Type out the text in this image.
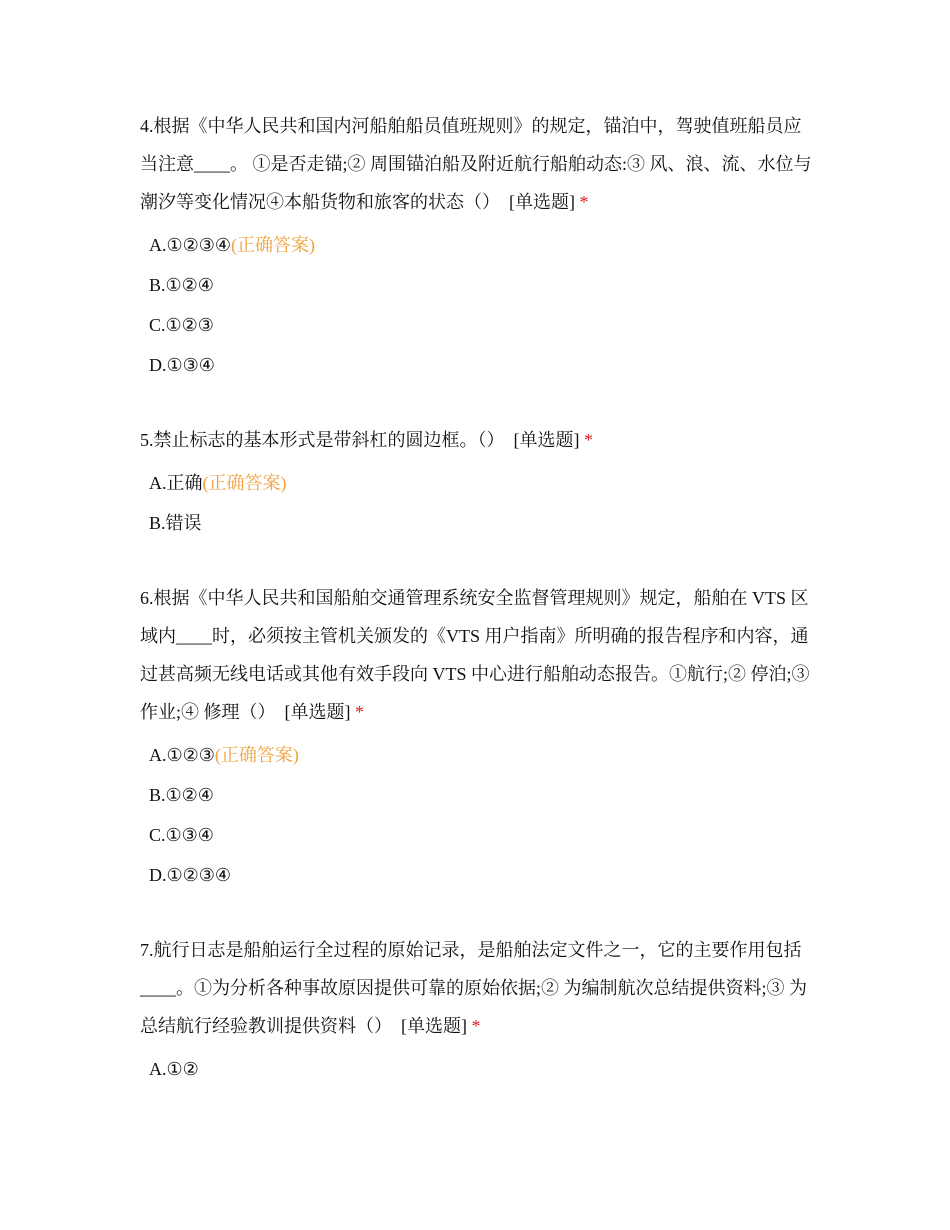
4.根据《中华人民共和国内河船舶船员值班规则》的规定，锚泊中，驾驶值班船员应当注意____。 ①是否走锚;② 周围锚泊船及附近航行船舶动态:③ 风、浪、流、水位与潮汐等变化情况④本船货物和旅客的状态（）  [单选题] *

A.①②③④(正确答案)
B.①②④
C.①②③
D.①③④

5.禁止标志的基本形式是带斜杠的圆边框。（）  [单选题] *

A.正确(正确答案)
B.错误

6.根据《中华人民共和国船舶交通管理系统安全监督管理规则》规定，船舶在 VTS 区域内____时，必须按主管机关颁发的《VTS 用户指南》所明确的报告程序和内容，通过甚高频无线电话或其他有效手段向 VTS 中心进行船舶动态报告。①航行;② 停泊;③ 作业;④ 修理（）  [单选题] *

A.①②③(正确答案)
B.①②④
C.①③④
D.①②③④

7.航行日志是船舶运行全过程的原始记录，是船舶法定文件之一，它的主要作用包括____。①为分析各种事故原因提供可靠的原始依据;② 为编制航次总结提供资料;③ 为总结航行经验教训提供资料（）  [单选题] *

A.①②
